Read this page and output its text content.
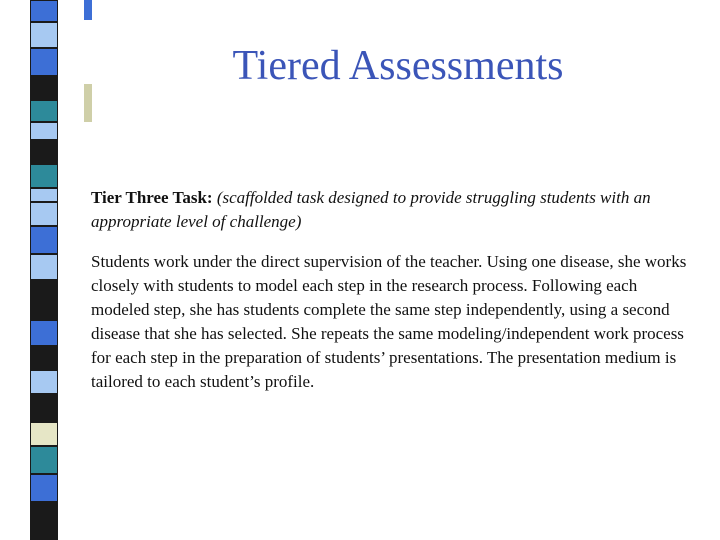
Tiered Assessments

Tier Three Task: (scaffolded task designed to provide struggling students with an appropriate level of challenge)

Students work under the direct supervision of the teacher. Using one disease, she works closely with students to model each step in the research process. Following each modeled step, she has students complete the same step independently, using a second disease that she has selected. She repeats the same modeling/independent work process for each step in the preparation of students’ presentations. The presentation medium is tailored to each student’s profile.
